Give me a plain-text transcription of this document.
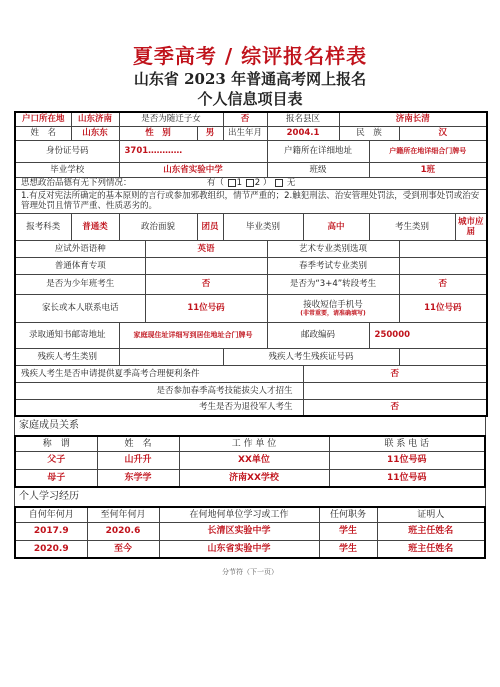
夏季高考 / 综评报名样表
山东省 2023 年普通高考网上报名
个人信息项目表
户口所在地	山东济南	是否为随迁子女			否	报名县区		济南长清			
姓　名	山东东	性　别		男	出生年月	2004.1		民　族		汉	
身份证号码		3701…………				户籍所在详细地址			户籍所在地详细合门牌号		
毕业学校		山东省实验中学				班级			1班		
思想政治品德有无下列情况： 有（ 1 2 ） 无											
1.有反对宪法所确定的基本原则的言行或参加邪教组织，情节严重的；2.触犯刑法、治安管理处罚法，受到刑事处罚或治安管理处罚且情节严重、性质恶劣的。											
报考科类	普通类	政治面貌		团员	毕业类别		高中		考生类别		城市应届
应试外语语种			英语			艺术专业类别选项					
普通体育专项						春季考试专业类别					
是否为少年班考生			否			是否为“3+4”转段考生				否	
家长或本人联系电话			11位号码			接收短信手机号
(非常重要，请准确填写)				11位号码	
录取通知书邮寄地址		家庭现住址详细写到居住地址合门牌号				邮政编码			250000		
残疾人考生类别					残疾人考生残疾证号码						
残疾人考生是否申请提供夏季高考合理便利条件							否				
是否参加春季高考技能拔尖人才招生											
考生是否为退役军人考生							否				
家庭成员关系
称　谓	姓　名	工 作 单 位	联 系 电 话
父子	山升升	XX单位	11位号码
母子	东学学	济南XX学校	11位号码
个人学习经历
自何年何月	至何年何月	在何地何单位学习或工作	任何职务	证明人
2017.9	2020.6	长清区实验中学	学生	班主任姓名
2020.9	至今	山东省实验中学	学生	班主任姓名
分节符（下一页）
